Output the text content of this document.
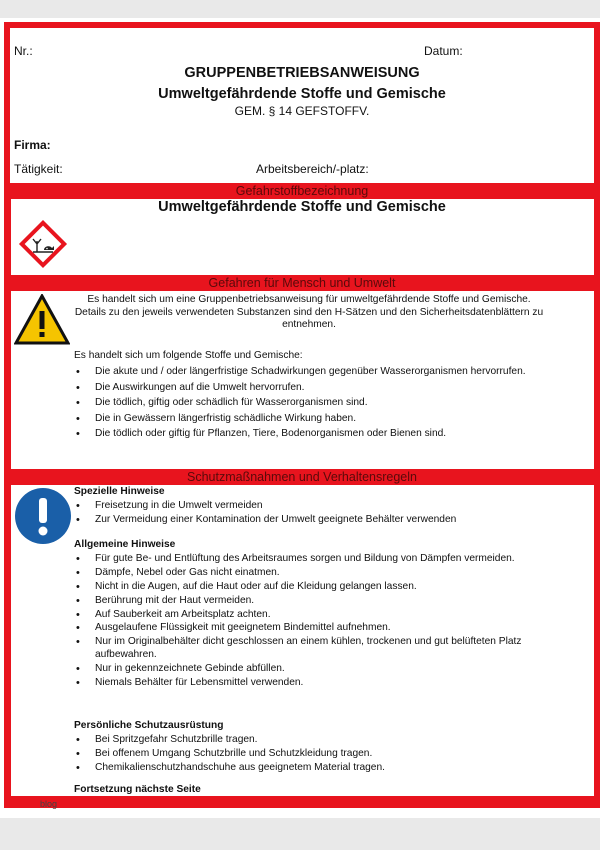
Nr.:	Datum:
GRUPPENBETRIEBSANWEISUNG
Umweltgefährdende Stoffe und Gemische
GEM. § 14 GEFSTOFFV.
Firma:
Tätigkeit:	Arbeitsbereich/-platz:
Gefahrstoffbezeichnung
Umweltgefährdende Stoffe und Gemische
Gefahren für Mensch und Umwelt
Es handelt sich um eine Gruppenbetriebsanweisung für umweltgefährdende Stoffe und Gemische. Details zu den jeweils verwendeten Substanzen sind den H-Sätzen und den Sicherheitsdatenblättern zu entnehmen.
Es handelt sich um folgende Stoffe und Gemische:
• Die akute und / oder längerfristige Schadwirkungen gegenüber Wasserorganismen hervorrufen.
• Die Auswirkungen auf die Umwelt hervorrufen.
• Die tödlich, giftig oder schädlich für Wasserorganismen sind.
• Die in Gewässern längerfristig schädliche Wirkung haben.
• Die tödlich oder giftig für Pflanzen, Tiere, Bodenorganismen oder Bienen sind.
Schutzmaßnahmen und Verhaltensregeln
Spezielle Hinweise
• Freisetzung in die Umwelt vermeiden
• Zur Vermeidung einer Kontamination der Umwelt geeignete Behälter verwenden
Allgemeine Hinweise
• Für gute Be- und Entlüftung des Arbeitsraumes sorgen und Bildung von Dämpfen vermeiden.
• Dämpfe, Nebel oder Gas nicht einatmen.
• Nicht in die Augen, auf die Haut oder auf die Kleidung gelangen lassen.
• Berührung mit der Haut vermeiden.
• Auf Sauberkeit am Arbeitsplatz achten.
• Ausgelaufene Flüssigkeit mit geeignetem Bindemittel aufnehmen.
• Nur im Originalbehälter dicht geschlossen an einem kühlen, trockenen und gut belüfteten Platz aufbewahren.
• Nur in gekennzeichnete Gebinde abfüllen.
• Niemals Behälter für Lebensmittel verwenden.
Persönliche Schutzausrüstung
• Bei Spritzgefahr Schutzbrille tragen.
• Bei offenem Umgang Schutzbrille und Schutzkleidung tragen.
• Chemikalienschutzhandschuhe aus geeignetem Material tragen.
Fortsetzung nächste Seite
blog
